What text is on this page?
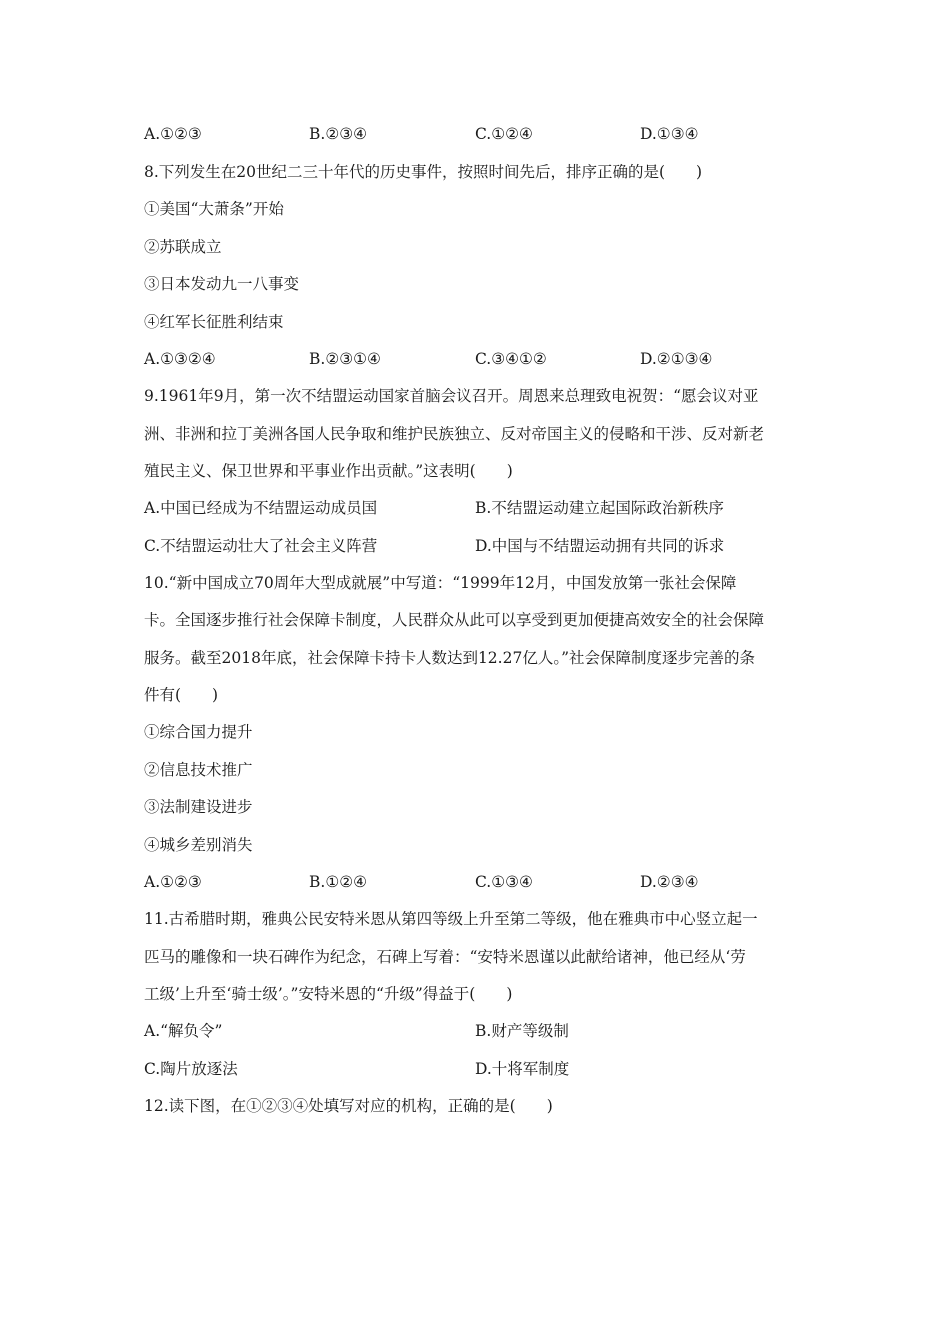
A.①②③	B.②③④	C.①②④	D.①③④
8.下列发生在20世纪二三十年代的历史事件，按照时间先后，排序正确的是(　　)
①美国“大萧条”开始
②苏联成立
③日本发动九一八事变
④红军长征胜利结束
A.①③②④	B.②③①④	C.③④①②	D.②①③④
9.1961年9月，第一次不结盟运动国家首脑会议召开。周恩来总理致电祝贺：“愿会议对亚
洲、非洲和拉丁美洲各国人民争取和维护民族独立、反对帝国主义的侵略和干涉、反对新老
殖民主义、保卫世界和平事业作出贡献。”这表明(　　)
A.中国已经成为不结盟运动成员国	B.不结盟运动建立起国际政治新秩序
C.不结盟运动壮大了社会主义阵营	D.中国与不结盟运动拥有共同的诉求
10.“新中国成立70周年大型成就展”中写道：“1999年12月，中国发放第一张社会保障
卡。全国逐步推行社会保障卡制度，人民群众从此可以享受到更加便捷高效安全的社会保障
服务。截至2018年底，社会保障卡持卡人数达到12.27亿人。”社会保障制度逐步完善的条
件有(　　)
①综合国力提升
②信息技术推广
③法制建设进步
④城乡差别消失
A.①②③	B.①②④	C.①③④	D.②③④
11.古希腊时期，雅典公民安特米恩从第四等级上升至第二等级，他在雅典市中心竖立起一
匹马的雕像和一块石碑作为纪念，石碑上写着：“安特米恩谨以此献给诸神，他已经从‘劳
工级’上升至‘骑士级’。”安特米恩的“升级”得益于(　　)
A.“解负令”	B.财产等级制
C.陶片放逐法	D.十将军制度
12.读下图，在①②③④处填写对应的机构，正确的是(　　)
